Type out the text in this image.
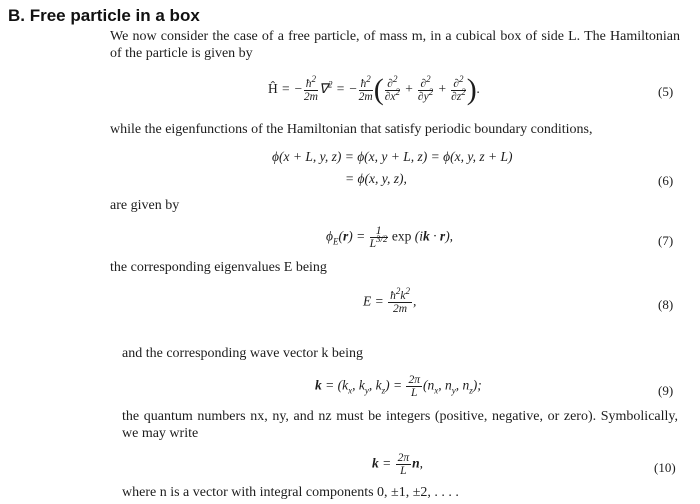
B. Free particle in a box
We now consider the case of a free particle, of mass m, in a cubical box of side L. The Hamiltonian of the particle is given by
Ĥ = − $\frac{ħ^2}{2m} \nabla^2$ = − $\frac{ħ^2}{2m}$ ( $\frac{\partial^2}{\partial x^2} + \frac{\partial^2}{\partial y^2} + \frac{\partial^2}{\partial z^2}$ ).	(5)
while the eigenfunctions of the Hamiltonian that satisfy periodic boundary conditions,
ϕ(x + L, y, z) = ϕ(x, y + L, z) = ϕ(x, y, z + L)
= ϕ(x, y, z),	(6)
are given by
$\phi_E(r) = \frac{1}{L^{3/2}}$ exp (ik · r),	(7)
the corresponding eigenvalues E being
$E = \frac{ħ^2k^2}{2m}$ ,	(8)
and the corresponding wave vector k being
$k = (k_x$, $k_y$, $k_z) = \frac{2\pi}{L} (n_x$, $n_y$, $n_z$);	(9)
the quantum numbers nx, ny, and nz must be integers (positive, negative, or zero). Symbolically, we may write
$k = \frac{2\pi}{L} n$,	(10)
where n is a vector with integral components 0, ±1, ±2, . . . .
